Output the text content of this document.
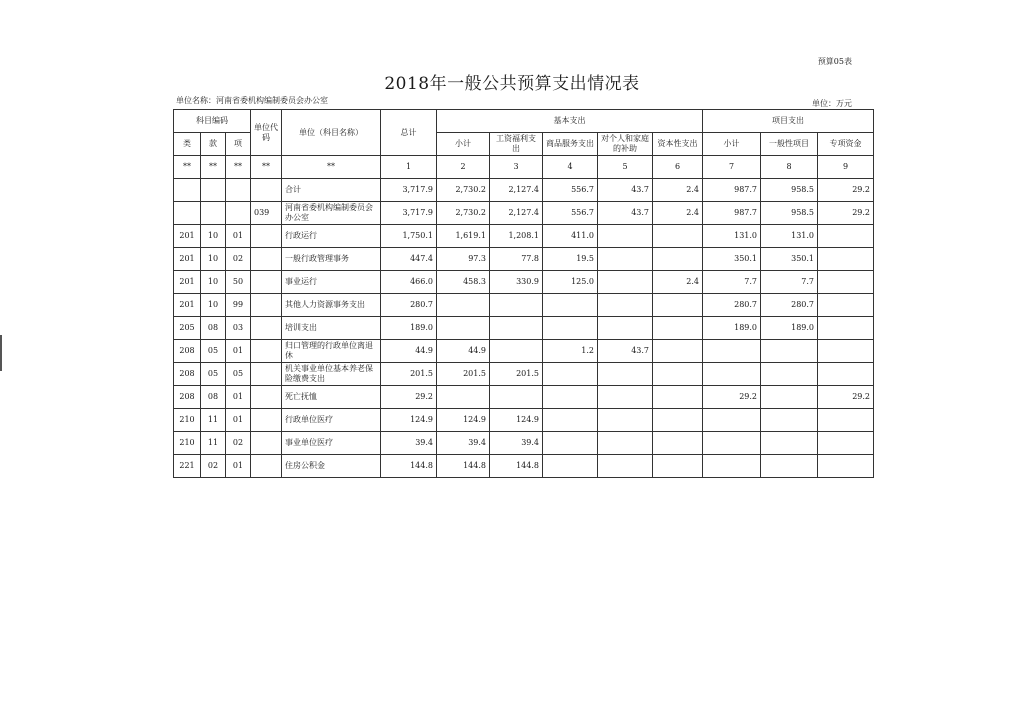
预算05表
2018年一般公共预算支出情况表
单位名称：河南省委机构编制委员会办公室	单位：万元
科目编码			单位代码	单位（科目名称）	总计	基本支出					项目支出		
类	款	项				小计	工资福利支出	商品服务支出	对个人和家庭的补助	资本性支出	小计	一般性项目	专项资金
**	**	**	**	**	1	2	3	4	5	6	7	8	9
				合计	3,717.9	2,730.2	2,127.4	556.7	43.7	2.4	987.7	958.5	29.2
			039	河南省委机构编制委员会办公室	3,717.9	2,730.2	2,127.4	556.7	43.7	2.4	987.7	958.5	29.2
201	10	01		行政运行	1,750.1	1,619.1	1,208.1	411.0			131.0	131.0	
201	10	02		一般行政管理事务	447.4	97.3	77.8	19.5			350.1	350.1	
201	10	50		事业运行	466.0	458.3	330.9	125.0		2.4	7.7	7.7	
201	10	99		其他人力资源事务支出	280.7						280.7	280.7	
205	08	03		培训支出	189.0						189.0	189.0	
208	05	01		归口管理的行政单位离退休	44.9	44.9		1.2	43.7				
208	05	05		机关事业单位基本养老保险缴费支出	201.5	201.5	201.5						
208	08	01		死亡抚恤	29.2						29.2		29.2
210	11	01		行政单位医疗	124.9	124.9	124.9						
210	11	02		事业单位医疗	39.4	39.4	39.4						
221	02	01		住房公积金	144.8	144.8	144.8						
